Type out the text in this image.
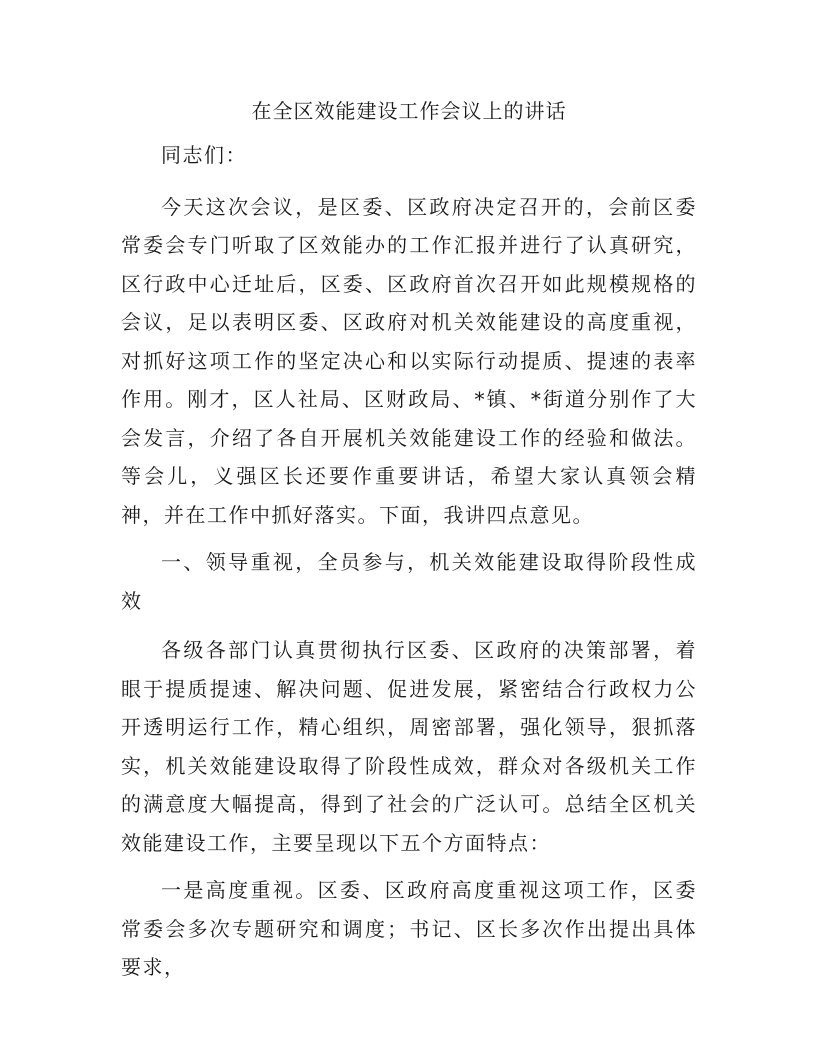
在全区效能建设工作会议上的讲话

同志们：

今天这次会议，是区委、区政府决定召开的，会前区委常委会专门听取了区效能办的工作汇报并进行了认真研究，区行政中心迁址后，区委、区政府首次召开如此规模规格的会议，足以表明区委、区政府对机关效能建设的高度重视，对抓好这项工作的坚定决心和以实际行动提质、提速的表率作用。刚才，区人社局、区财政局、*镇、*街道分别作了大会发言，介绍了各自开展机关效能建设工作的经验和做法。等会儿，义强区长还要作重要讲话，希望大家认真领会精神，并在工作中抓好落实。下面，我讲四点意见。

一、领导重视，全员参与，机关效能建设取得阶段性成效

各级各部门认真贯彻执行区委、区政府的决策部署，着眼于提质提速、解决问题、促进发展，紧密结合行政权力公开透明运行工作，精心组织，周密部署，强化领导，狠抓落实，机关效能建设取得了阶段性成效，群众对各级机关工作的满意度大幅提高，得到了社会的广泛认可。总结全区机关效能建设工作，主要呈现以下五个方面特点：

一是高度重视。区委、区政府高度重视这项工作，区委常委会多次专题研究和调度；书记、区长多次作出提出具体要求，
